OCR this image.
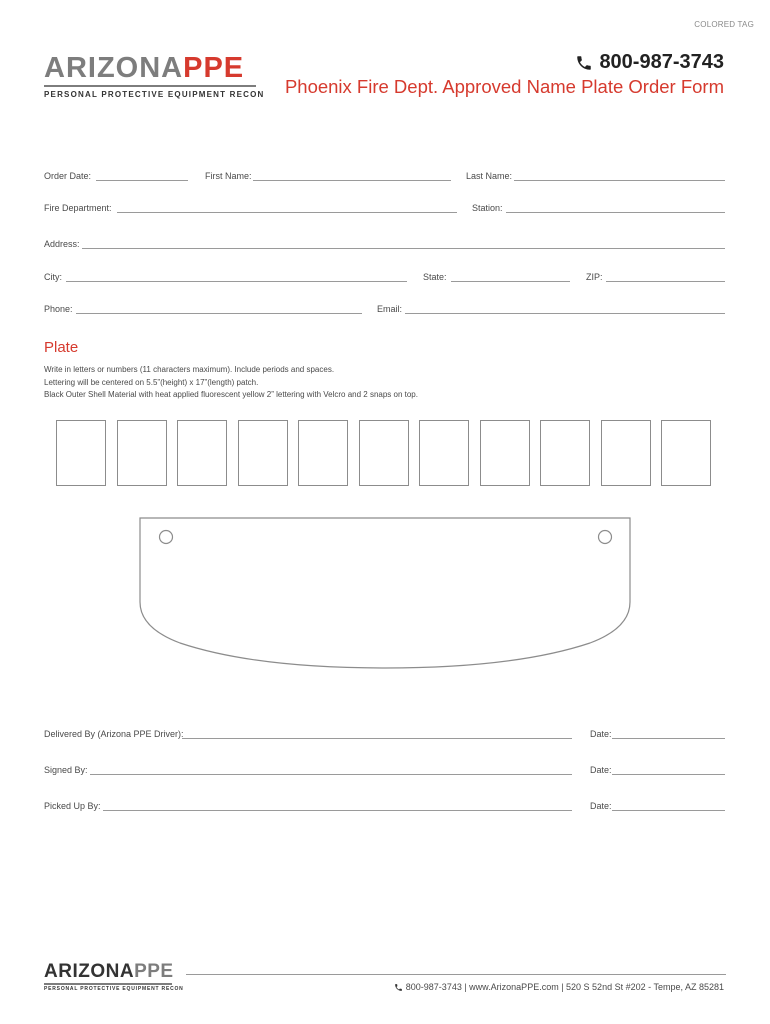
COLORED TAG
ARIZONAPPE
PERSONAL PROTECTIVE EQUIPMENT RECON
800-987-3743
Phoenix Fire Dept. Approved Name Plate Order Form
Order Date:	First Name:	Last Name:
Fire Department:	Station:
Address:
City:	State:	ZIP:
Phone:	Email:
Plate
Write in letters or numbers (11 characters maximum). Include periods and spaces.
Lettering will be centered on 5.5”(height) x 17”(length) patch.
Black Outer Shell Material with heat applied fluorescent yellow 2” lettering with Velcro and 2 snaps on top.
Delivered By (Arizona PPE Driver):	Date:
Signed By:	Date:
Picked Up By:	Date:
ARIZONAPPE
PERSONAL PROTECTIVE EQUIPMENT RECON	800-987-3743 | www.ArizonaPPE.com | 520 S 52nd St #202 - Tempe, AZ 85281
